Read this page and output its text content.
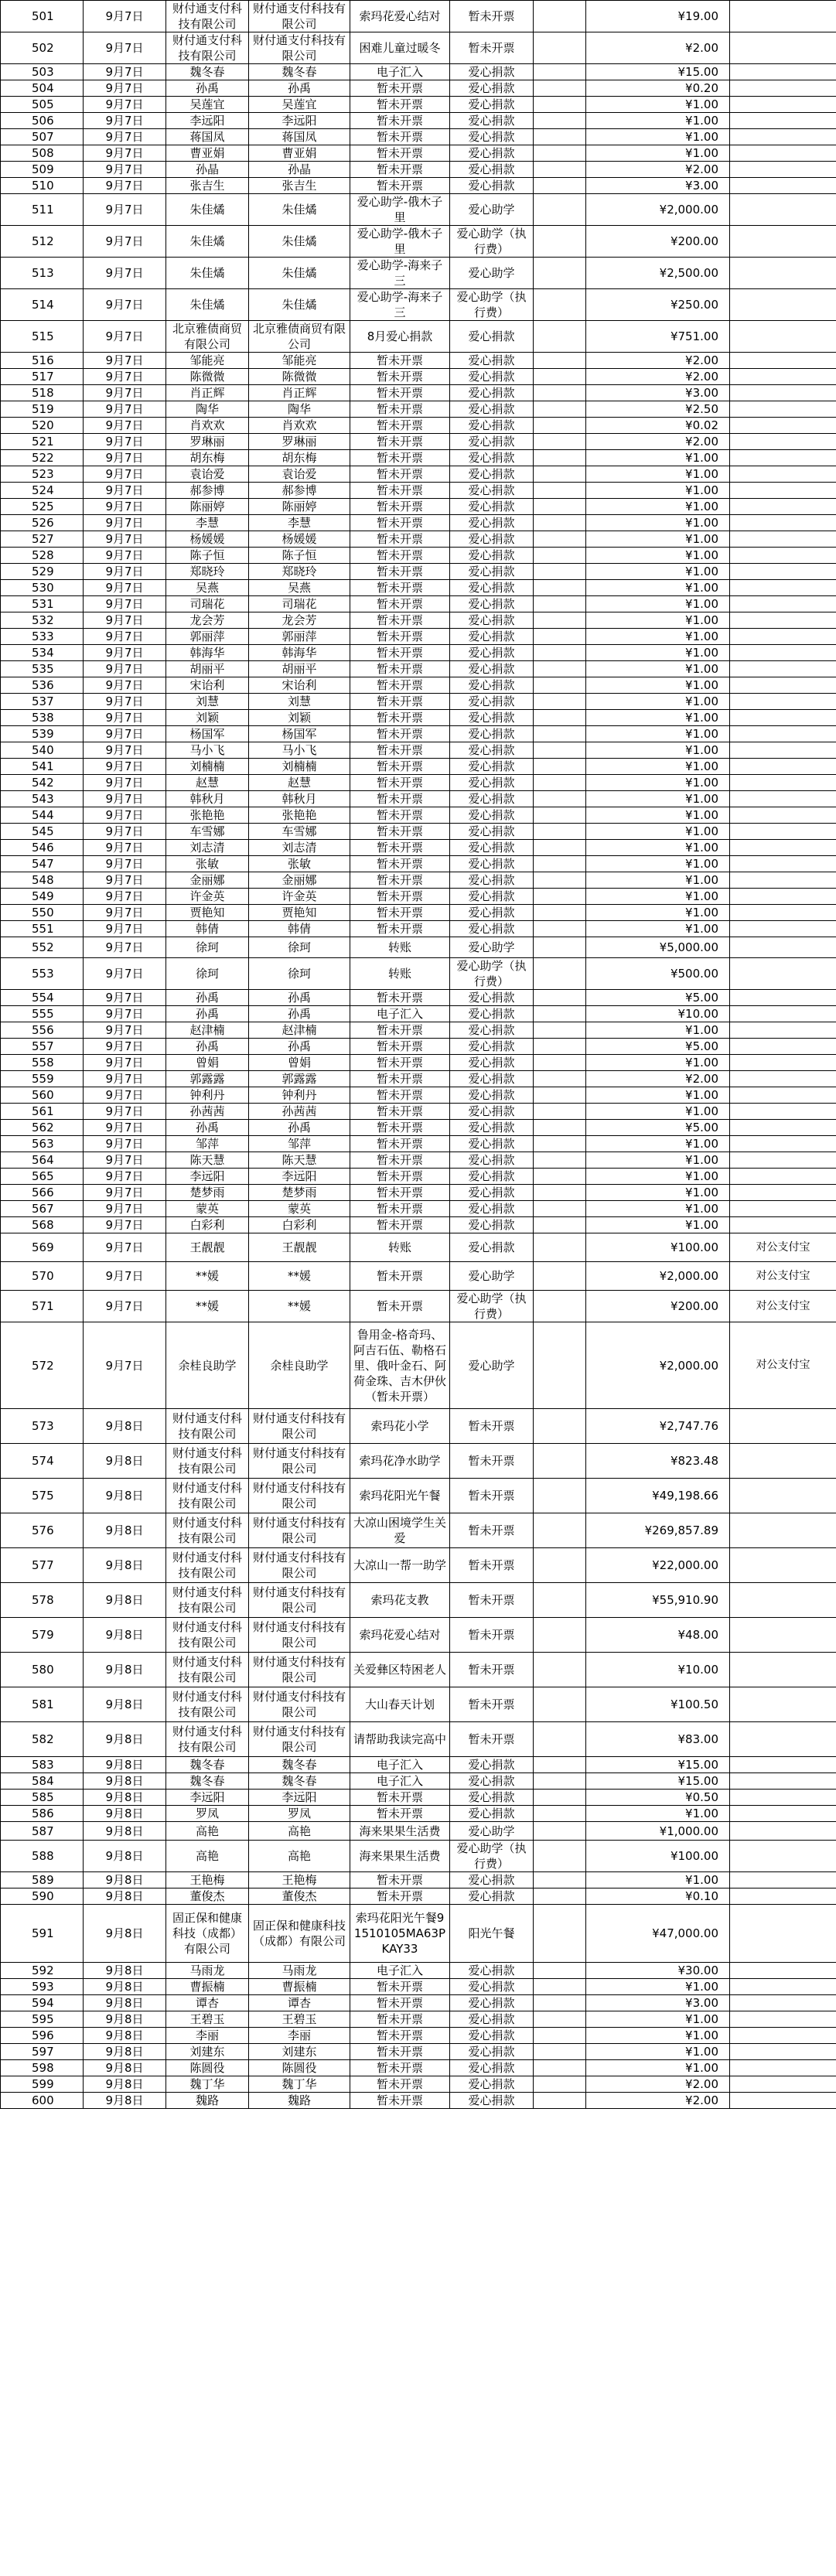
501	9月7日	财付通支付科技有限公司	财付通支付科技有限公司	索玛花爱心结对	暂未开票		¥19.00	
502	9月7日	财付通支付科技有限公司	财付通支付科技有限公司	困难儿童过暖冬	暂未开票		¥2.00	
503	9月7日	魏冬春	魏冬春	电子汇入	爱心捐款		¥15.00	
504	9月7日	孙禹	孙禹	暂未开票	爱心捐款		¥0.20	
505	9月7日	吴莲宜	吴莲宜	暂未开票	爱心捐款		¥1.00	
506	9月7日	李远阳	李远阳	暂未开票	爱心捐款		¥1.00	
507	9月7日	蒋国凤	蒋国凤	暂未开票	爱心捐款		¥1.00	
508	9月7日	曹亚娟	曹亚娟	暂未开票	爱心捐款		¥1.00	
509	9月7日	孙晶	孙晶	暂未开票	爱心捐款		¥2.00	
510	9月7日	张吉生	张吉生	暂未开票	爱心捐款		¥3.00	
511	9月7日	朱佳燏	朱佳燏	爱心助学-俄木子里	爱心助学		¥2,000.00	
512	9月7日	朱佳燏	朱佳燏	爱心助学-俄木子里	爱心助学（执行费）		¥200.00	
513	9月7日	朱佳燏	朱佳燏	爱心助学-海来子三	爱心助学		¥2,500.00	
514	9月7日	朱佳燏	朱佳燏	爱心助学-海来子三	爱心助学（执行费）		¥250.00	
515	9月7日	北京雅债商贸有限公司	北京雅债商贸有限公司	8月爱心捐款	爱心捐款		¥751.00	
516	9月7日	邹能亮	邹能亮	暂未开票	爱心捐款		¥2.00	
517	9月7日	陈微微	陈微微	暂未开票	爱心捐款		¥2.00	
518	9月7日	肖正辉	肖正辉	暂未开票	爱心捐款		¥3.00	
519	9月7日	陶华	陶华	暂未开票	爱心捐款		¥2.50	
520	9月7日	肖欢欢	肖欢欢	暂未开票	爱心捐款		¥0.02	
521	9月7日	罗琳丽	罗琳丽	暂未开票	爱心捐款		¥2.00	
522	9月7日	胡东梅	胡东梅	暂未开票	爱心捐款		¥1.00	
523	9月7日	袁诒爱	袁诒爱	暂未开票	爱心捐款		¥1.00	
524	9月7日	郝参博	郝参博	暂未开票	爱心捐款		¥1.00	
525	9月7日	陈丽婷	陈丽婷	暂未开票	爱心捐款		¥1.00	
526	9月7日	李慧	李慧	暂未开票	爱心捐款		¥1.00	
527	9月7日	杨媛媛	杨媛媛	暂未开票	爱心捐款		¥1.00	
528	9月7日	陈子恒	陈子恒	暂未开票	爱心捐款		¥1.00	
529	9月7日	郑晓玲	郑晓玲	暂未开票	爱心捐款		¥1.00	
530	9月7日	吴燕	吴燕	暂未开票	爱心捐款		¥1.00	
531	9月7日	司瑞花	司瑞花	暂未开票	爱心捐款		¥1.00	
532	9月7日	龙会芳	龙会芳	暂未开票	爱心捐款		¥1.00	
533	9月7日	郭丽萍	郭丽萍	暂未开票	爱心捐款		¥1.00	
534	9月7日	韩海华	韩海华	暂未开票	爱心捐款		¥1.00	
535	9月7日	胡丽平	胡丽平	暂未开票	爱心捐款		¥1.00	
536	9月7日	宋诒利	宋诒利	暂未开票	爱心捐款		¥1.00	
537	9月7日	刘慧	刘慧	暂未开票	爱心捐款		¥1.00	
538	9月7日	刘颖	刘颖	暂未开票	爱心捐款		¥1.00	
539	9月7日	杨国军	杨国军	暂未开票	爱心捐款		¥1.00	
540	9月7日	马小飞	马小飞	暂未开票	爱心捐款		¥1.00	
541	9月7日	刘楠楠	刘楠楠	暂未开票	爱心捐款		¥1.00	
542	9月7日	赵慧	赵慧	暂未开票	爱心捐款		¥1.00	
543	9月7日	韩秋月	韩秋月	暂未开票	爱心捐款		¥1.00	
544	9月7日	张艳艳	张艳艳	暂未开票	爱心捐款		¥1.00	
545	9月7日	车雪娜	车雪娜	暂未开票	爱心捐款		¥1.00	
546	9月7日	刘志清	刘志清	暂未开票	爱心捐款		¥1.00	
547	9月7日	张敏	张敏	暂未开票	爱心捐款		¥1.00	
548	9月7日	金丽娜	金丽娜	暂未开票	爱心捐款		¥1.00	
549	9月7日	许金英	许金英	暂未开票	爱心捐款		¥1.00	
550	9月7日	贾艳知	贾艳知	暂未开票	爱心捐款		¥1.00	
551	9月7日	韩倩	韩倩	暂未开票	爱心捐款		¥1.00	
552	9月7日	徐珂	徐珂	转账	爱心助学		¥5,000.00	
553	9月7日	徐珂	徐珂	转账	爱心助学（执行费）		¥500.00	
554	9月7日	孙禹	孙禹	暂未开票	爱心捐款		¥5.00	
555	9月7日	孙禹	孙禹	电子汇入	爱心捐款		¥10.00	
556	9月7日	赵津楠	赵津楠	暂未开票	爱心捐款		¥1.00	
557	9月7日	孙禹	孙禹	暂未开票	爱心捐款		¥5.00	
558	9月7日	曾娟	曾娟	暂未开票	爱心捐款		¥1.00	
559	9月7日	郭露露	郭露露	暂未开票	爱心捐款		¥2.00	
560	9月7日	钟利丹	钟利丹	暂未开票	爱心捐款		¥1.00	
561	9月7日	孙茜茜	孙茜茜	暂未开票	爱心捐款		¥1.00	
562	9月7日	孙禹	孙禹	暂未开票	爱心捐款		¥5.00	
563	9月7日	邹萍	邹萍	暂未开票	爱心捐款		¥1.00	
564	9月7日	陈天慧	陈天慧	暂未开票	爱心捐款		¥1.00	
565	9月7日	李远阳	李远阳	暂未开票	爱心捐款		¥1.00	
566	9月7日	楚梦雨	楚梦雨	暂未开票	爱心捐款		¥1.00	
567	9月7日	蒙英	蒙英	暂未开票	爱心捐款		¥1.00	
568	9月7日	白彩利	白彩利	暂未开票	爱心捐款		¥1.00	
569	9月7日	王靓靓	王靓靓	转账	爱心捐款		¥100.00	对公支付宝
570	9月7日	**媛	**媛	暂未开票	爱心助学		¥2,000.00	对公支付宝
571	9月7日	**媛	**媛	暂未开票	爱心助学（执行费）		¥200.00	对公支付宝
572	9月7日	余桂良助学	余桂良助学	鲁用金-格奇玛、阿吉石伍、勒格石里、俄叶金石、阿荷金珠、吉木伊伙（暂未开票）	爱心助学		¥2,000.00	对公支付宝
573	9月8日	财付通支付科技有限公司	财付通支付科技有限公司	索玛花小学	暂未开票		¥2,747.76	
574	9月8日	财付通支付科技有限公司	财付通支付科技有限公司	索玛花净水助学	暂未开票		¥823.48	
575	9月8日	财付通支付科技有限公司	财付通支付科技有限公司	索玛花阳光午餐	暂未开票		¥49,198.66	
576	9月8日	财付通支付科技有限公司	财付通支付科技有限公司	大凉山困境学生关爱	暂未开票		¥269,857.89	
577	9月8日	财付通支付科技有限公司	财付通支付科技有限公司	大凉山一帮一助学	暂未开票		¥22,000.00	
578	9月8日	财付通支付科技有限公司	财付通支付科技有限公司	索玛花支教	暂未开票		¥55,910.90	
579	9月8日	财付通支付科技有限公司	财付通支付科技有限公司	索玛花爱心结对	暂未开票		¥48.00	
580	9月8日	财付通支付科技有限公司	财付通支付科技有限公司	关爱彝区特困老人	暂未开票		¥10.00	
581	9月8日	财付通支付科技有限公司	财付通支付科技有限公司	大山春天计划	暂未开票		¥100.50	
582	9月8日	财付通支付科技有限公司	财付通支付科技有限公司	请帮助我读完高中	暂未开票		¥83.00	
583	9月8日	魏冬春	魏冬春	电子汇入	爱心捐款		¥15.00	
584	9月8日	魏冬春	魏冬春	电子汇入	爱心捐款		¥15.00	
585	9月8日	李远阳	李远阳	暂未开票	爱心捐款		¥0.50	
586	9月8日	罗凤	罗凤	暂未开票	爱心捐款		¥1.00	
587	9月8日	高艳	高艳	海来果果生活费	爱心助学		¥1,000.00	
588	9月8日	高艳	高艳	海来果果生活费	爱心助学（执行费）		¥100.00	
589	9月8日	王艳梅	王艳梅	暂未开票	爱心捐款		¥1.00	
590	9月8日	董俊杰	董俊杰	暂未开票	爱心捐款		¥0.10	
591	9月8日	固正保和健康科技（成都）有限公司	固正保和健康科技（成都）有限公司	索玛花阳光午餐91510105MA63PKAY33	阳光午餐		¥47,000.00	
592	9月8日	马雨龙	马雨龙	电子汇入	爱心捐款		¥30.00	
593	9月8日	曹振楠	曹振楠	暂未开票	爱心捐款		¥1.00	
594	9月8日	谭杏	谭杏	暂未开票	爱心捐款		¥3.00	
595	9月8日	王碧玉	王碧玉	暂未开票	爱心捐款		¥1.00	
596	9月8日	李丽	李丽	暂未开票	爱心捐款		¥1.00	
597	9月8日	刘建东	刘建东	暂未开票	爱心捐款		¥1.00	
598	9月8日	陈圆役	陈圆役	暂未开票	爱心捐款		¥1.00	
599	9月8日	魏丁华	魏丁华	暂未开票	爱心捐款		¥2.00	
600	9月8日	魏路	魏路	暂未开票	爱心捐款		¥2.00	
